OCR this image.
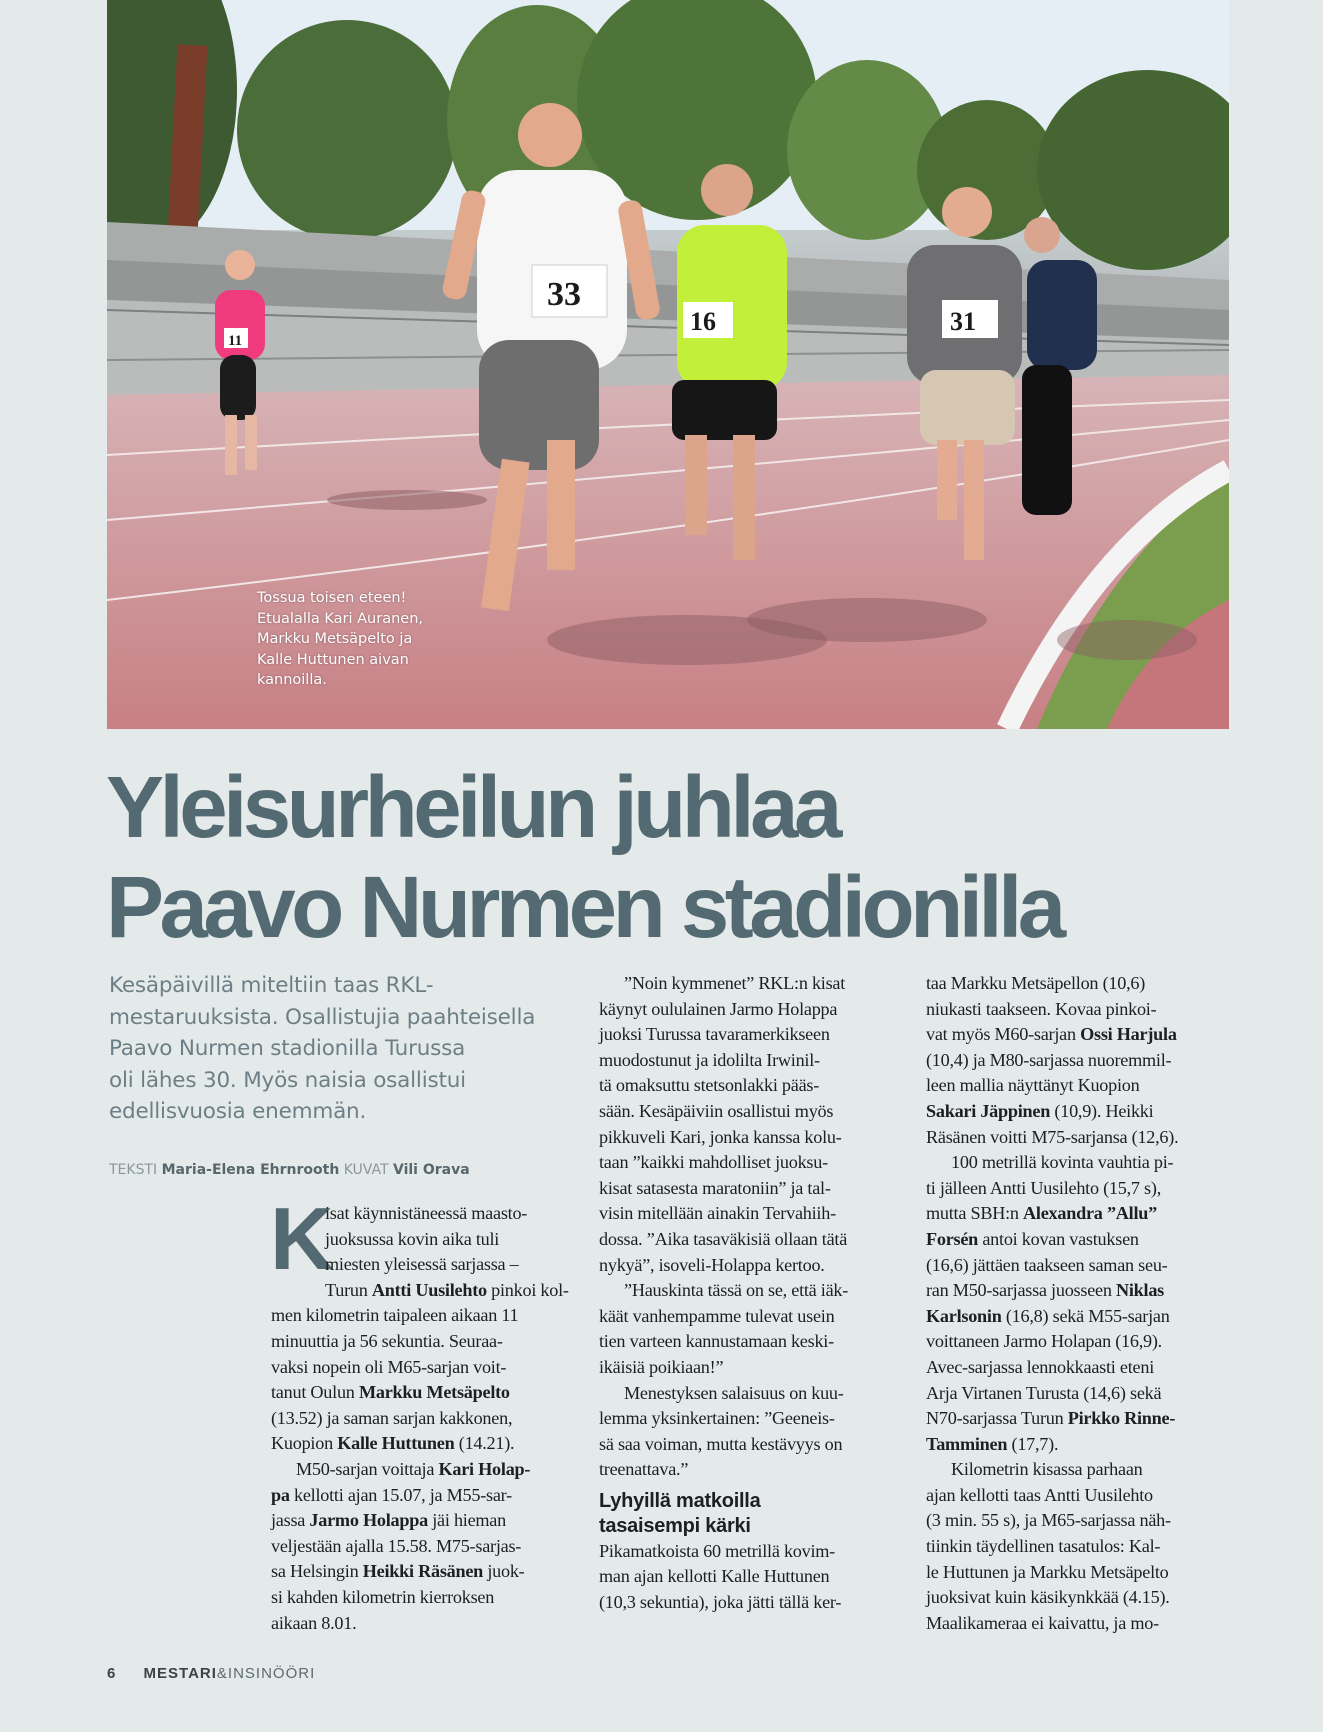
11
33
16	31
Tossua toisen eteen!
Etualalla Kari Auranen,
Markku Metsäpelto ja
Kalle Huttunen aivan
kannoilla.
Yleisurheilun juhlaa
Paavo Nurmen stadionilla
Kesäpäivillä miteltiin taas RKL-
mestaruuksista. Osallistujia paahteisella
Paavo Nurmen stadionilla Turussa
oli lähes 30. Myös naisia osallistui
edellisvuosia enemmän.
TEKSTI Maria-Elena Ehrnrooth KUVAT Vili Orava
K
isat käynnistäneessä maasto-
juoksussa kovin aika tuli
miesten yleisessä sarjassa –
Turun Antti Uusilehto pinkoi kol-
men kilometrin taipaleen aikaan 11
minuuttia ja 56 sekuntia. Seuraa-
vaksi nopein oli M65-sarjan voit-
tanut Oulun Markku Metsäpelto
(13.52) ja saman sarjan kakkonen,
Kuopion Kalle Huttunen (14.21).
M50-sarjan voittaja Kari Holap-
pa kellotti ajan 15.07, ja M55-sar-
jassa Jarmo Holappa jäi hieman
veljestään ajalla 15.58. M75-sarjas-
sa Helsingin Heikki Räsänen juok-
si kahden kilometrin kierroksen
aikaan 8.01.
”Noin kymmenet” RKL:n kisat
käynyt oululainen Jarmo Holappa
juoksi Turussa tavaramerkikseen
muodostunut ja idolilta Irwinil-
tä omaksuttu stetsonlakki pääs-
sään. Kesäpäiviin osallistui myös
pikkuveli Kari, jonka kanssa kolu-
taan ”kaikki mahdolliset juoksu-
kisat satasesta maratoniin” ja tal-
visin mitellään ainakin Tervahiih-
dossa. ”Aika tasaväkisiä ollaan tätä
nykyä”, isoveli-Holappa kertoo.
”Hauskinta tässä on se, että iäk-
käät vanhempamme tulevat usein
tien varteen kannustamaan keski-
ikäisiä poikiaan!”
Menestyksen salaisuus on kuu-
lemma yksinkertainen: ”Geeneis-
sä saa voiman, mutta kestävyys on
treenattava.”
Lyhyillä matkoilla
tasaisempi kärki
Pikamatkoista 60 metrillä kovim-
man ajan kellotti Kalle Huttunen
(10,3 sekuntia), joka jätti tällä ker-
taa Markku Metsäpellon (10,6)
niukasti taakseen. Kovaa pinkoi-
vat myös M60-sarjan Ossi Harjula
(10,4) ja M80-sarjassa nuoremmil-
leen mallia näyttänyt Kuopion
Sakari Jäppinen (10,9). Heikki
Räsänen voitti M75-sarjansa (12,6).
100 metrillä kovinta vauhtia pi-
ti jälleen Antti Uusilehto (15,7 s),
mutta SBH:n Alexandra ”Allu”
Forsén antoi kovan vastuksen
(16,6) jättäen taakseen saman seu-
ran M50-sarjassa juosseen Niklas
Karlsonin (16,8) sekä M55-sarjan
voittaneen Jarmo Holapan (16,9).
Avec-sarjassa lennokkaasti eteni
Arja Virtanen Turusta (14,6) sekä
N70-sarjassa Turun Pirkko Rinne-
Tamminen (17,7).
Kilometrin kisassa parhaan
ajan kellotti taas Antti Uusilehto
(3 min. 55 s), ja M65-sarjassa näh-
tiinkin täydellinen tasatulos: Kal-
le Huttunen ja Markku Metsäpelto
juoksivat kuin käsikynkkää (4.15).
Maalikameraa ei kaivattu, ja mo-
6 MESTARI&INSINÖÖRI
